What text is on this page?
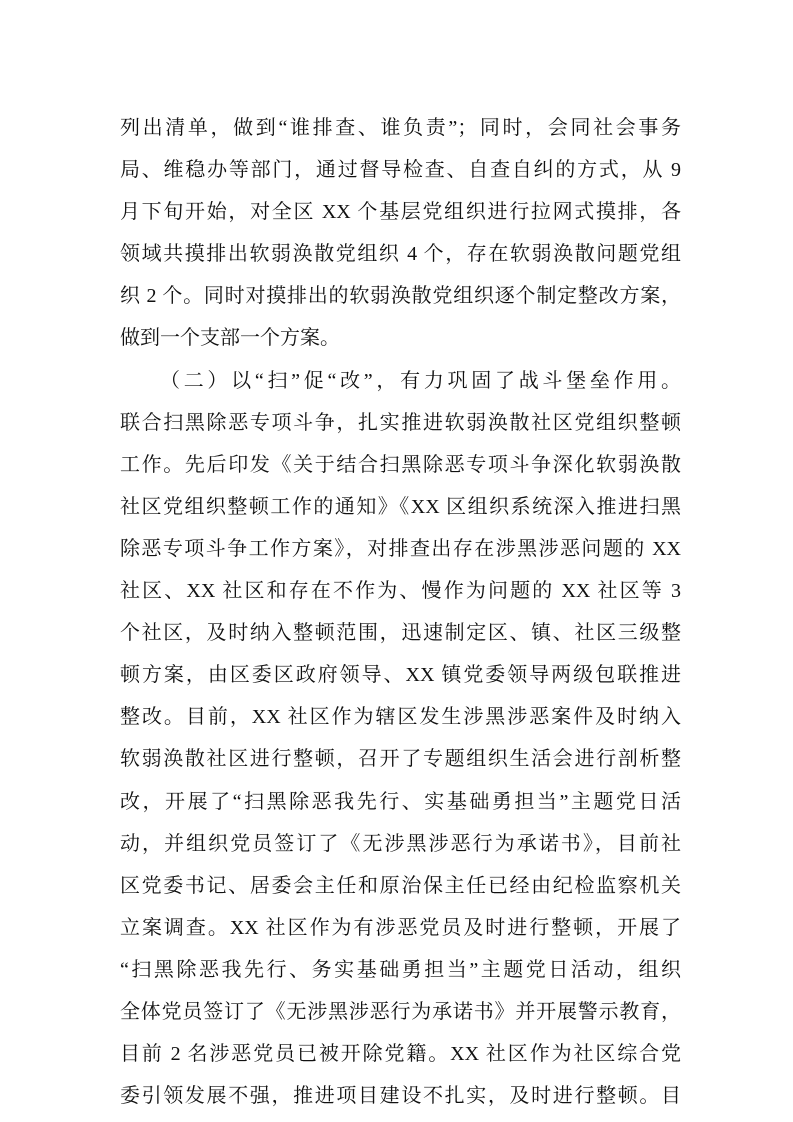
列出清单，做到“谁排查、谁负责”；同时，会同社会事务
局、维稳办等部门，通过督导检查、自查自纠的方式，从 9
月下旬开始，对全区 XX 个基层党组织进行拉网式摸排，各
领域共摸排出软弱涣散党组织 4 个，存在软弱涣散问题党组
织 2 个。同时对摸排出的软弱涣散党组织逐个制定整改方案，
做到一个支部一个方案。
（二）以“扫”促“改”，有力巩固了战斗堡垒作用。
联合扫黑除恶专项斗争，扎实推进软弱涣散社区党组织整顿
工作。先后印发《关于结合扫黑除恶专项斗争深化软弱涣散
社区党组织整顿工作的通知》《XX 区组织系统深入推进扫黑
除恶专项斗争工作方案》，对排查出存在涉黑涉恶问题的 XX
社区、XX 社区和存在不作为、慢作为问题的 XX 社区等 3
个社区，及时纳入整顿范围，迅速制定区、镇、社区三级整
顿方案，由区委区政府领导、XX 镇党委领导两级包联推进
整改。目前，XX 社区作为辖区发生涉黑涉恶案件及时纳入
软弱涣散社区进行整顿，召开了专题组织生活会进行剖析整
改，开展了“扫黑除恶我先行、实基础勇担当”主题党日活
动，并组织党员签订了《无涉黑涉恶行为承诺书》，目前社
区党委书记、居委会主任和原治保主任已经由纪检监察机关
立案调查。XX 社区作为有涉恶党员及时进行整顿，开展了
“扫黑除恶我先行、务实基础勇担当”主题党日活动，组织
全体党员签订了《无涉黑涉恶行为承诺书》并开展警示教育，
目前 2 名涉恶党员已被开除党籍。XX 社区作为社区综合党
委引领发展不强，推进项目建设不扎实，及时进行整顿。目
